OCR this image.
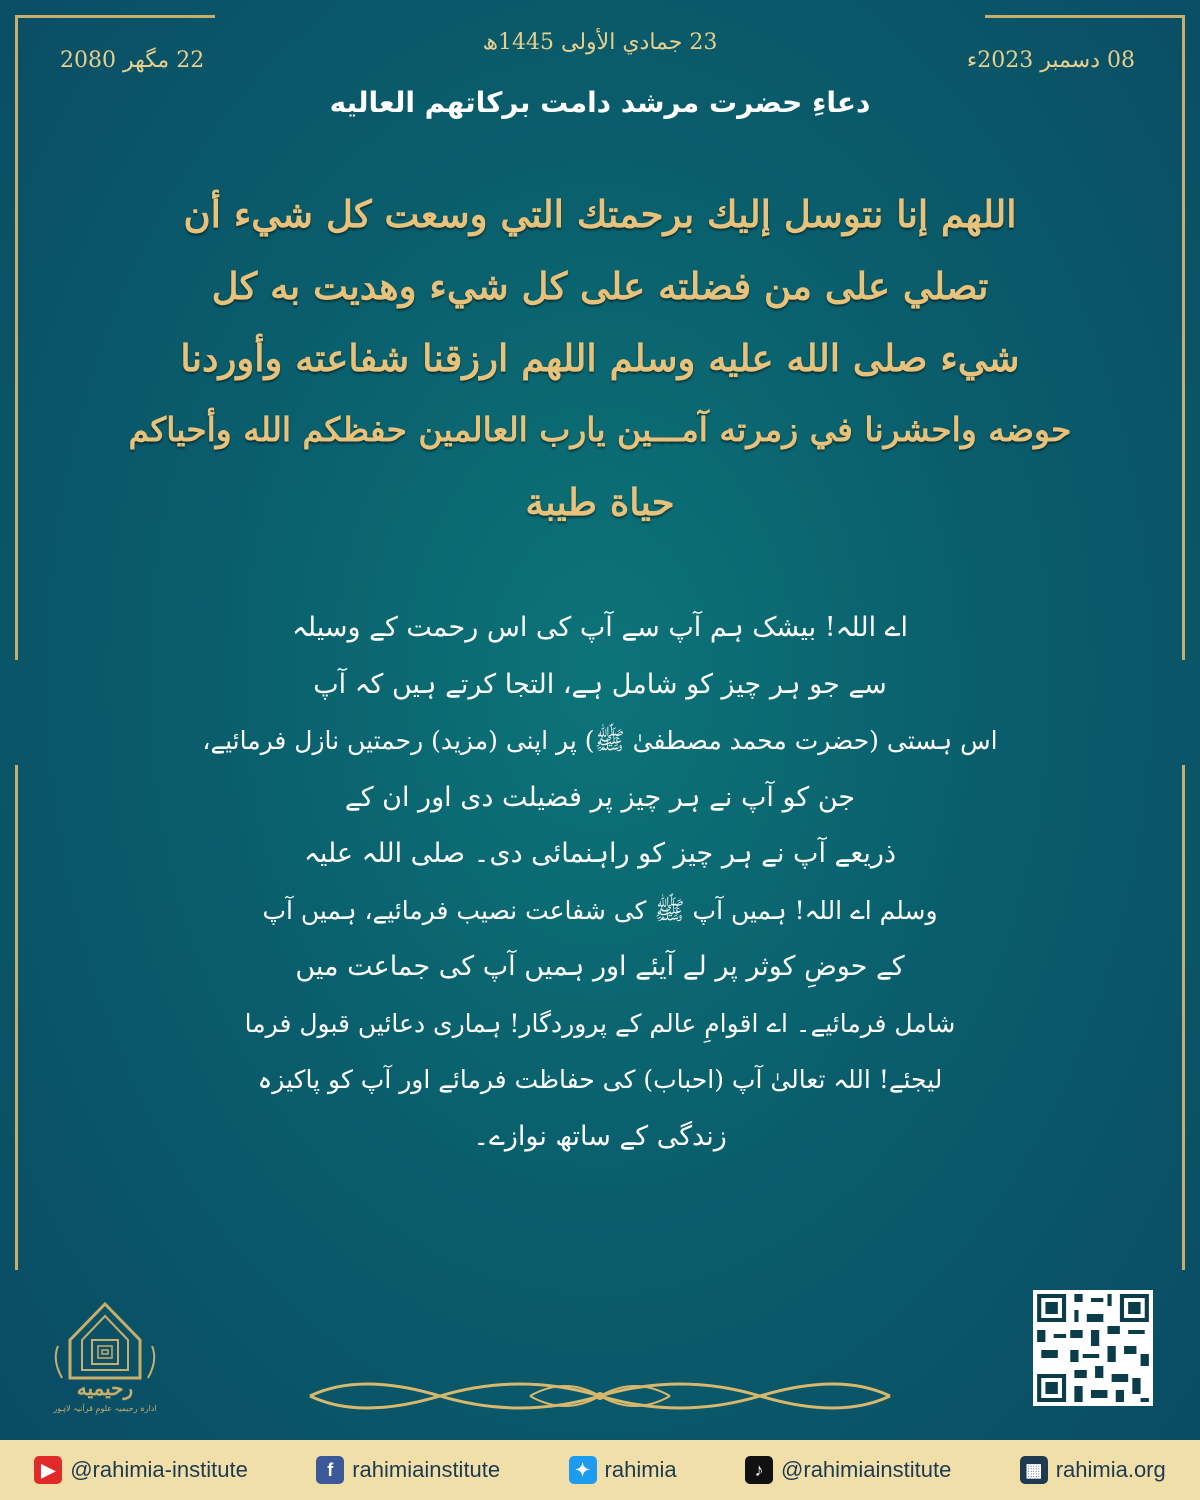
23 جمادي الأولى 1445ھ
08 دسمبر 2023ء
22 مگھر 2080
دعاءِ حضرت مرشد دامت برکاتھم العالیه
اللهم إنا نتوسل إليك برحمتك التي وسعت كل شيء أن
تصلي على من فضلته على كل شيء وهديت به كل
شيء صلى الله عليه وسلم اللهم ارزقنا شفاعته وأوردنا
حوضه واحشرنا في زمرته آمـــين يارب العالمين حفظكم الله وأحياكم
حياة طيبة
اے اللہ! بیشک ہم آپ سے آپ کی اس رحمت کے وسیلہ
سے جو ہر چیز کو شامل ہے، التجا کرتے ہیں کہ آپ
اس ہستی (حضرت محمد مصطفیٰ ﷺ) پر اپنی (مزید) رحمتیں نازل فرمائیے،
جن کو آپ نے ہر چیز پر فضیلت دی اور ان کے
ذریعے آپ نے ہر چیز کو راہنمائی دی۔ صلی اللہ علیہ
وسلم اے اللہ! ہمیں آپ ﷺ کی شفاعت نصیب فرمائیے، ہمیں آپ
کے حوضِ کوثر پر لے آیئے اور ہمیں آپ کی جماعت میں
شامل فرمائیے۔ اے اقوامِ عالم کے پروردگار! ہماری دعائیں قبول فرما
لیجئے! اللہ تعالیٰ آپ (احباب) کی حفاظت فرمائے اور آپ کو پاکیزہ
زندگی کے ساتھ نوازے۔
رحیمیه
ادارہ رحیمیہ علومِ قرآنیہ لاہور
▶ @rahimia-institute	f rahimiainstitute	✦ rahimia	♪ @rahimiainstitute	▦ rahimia.org
